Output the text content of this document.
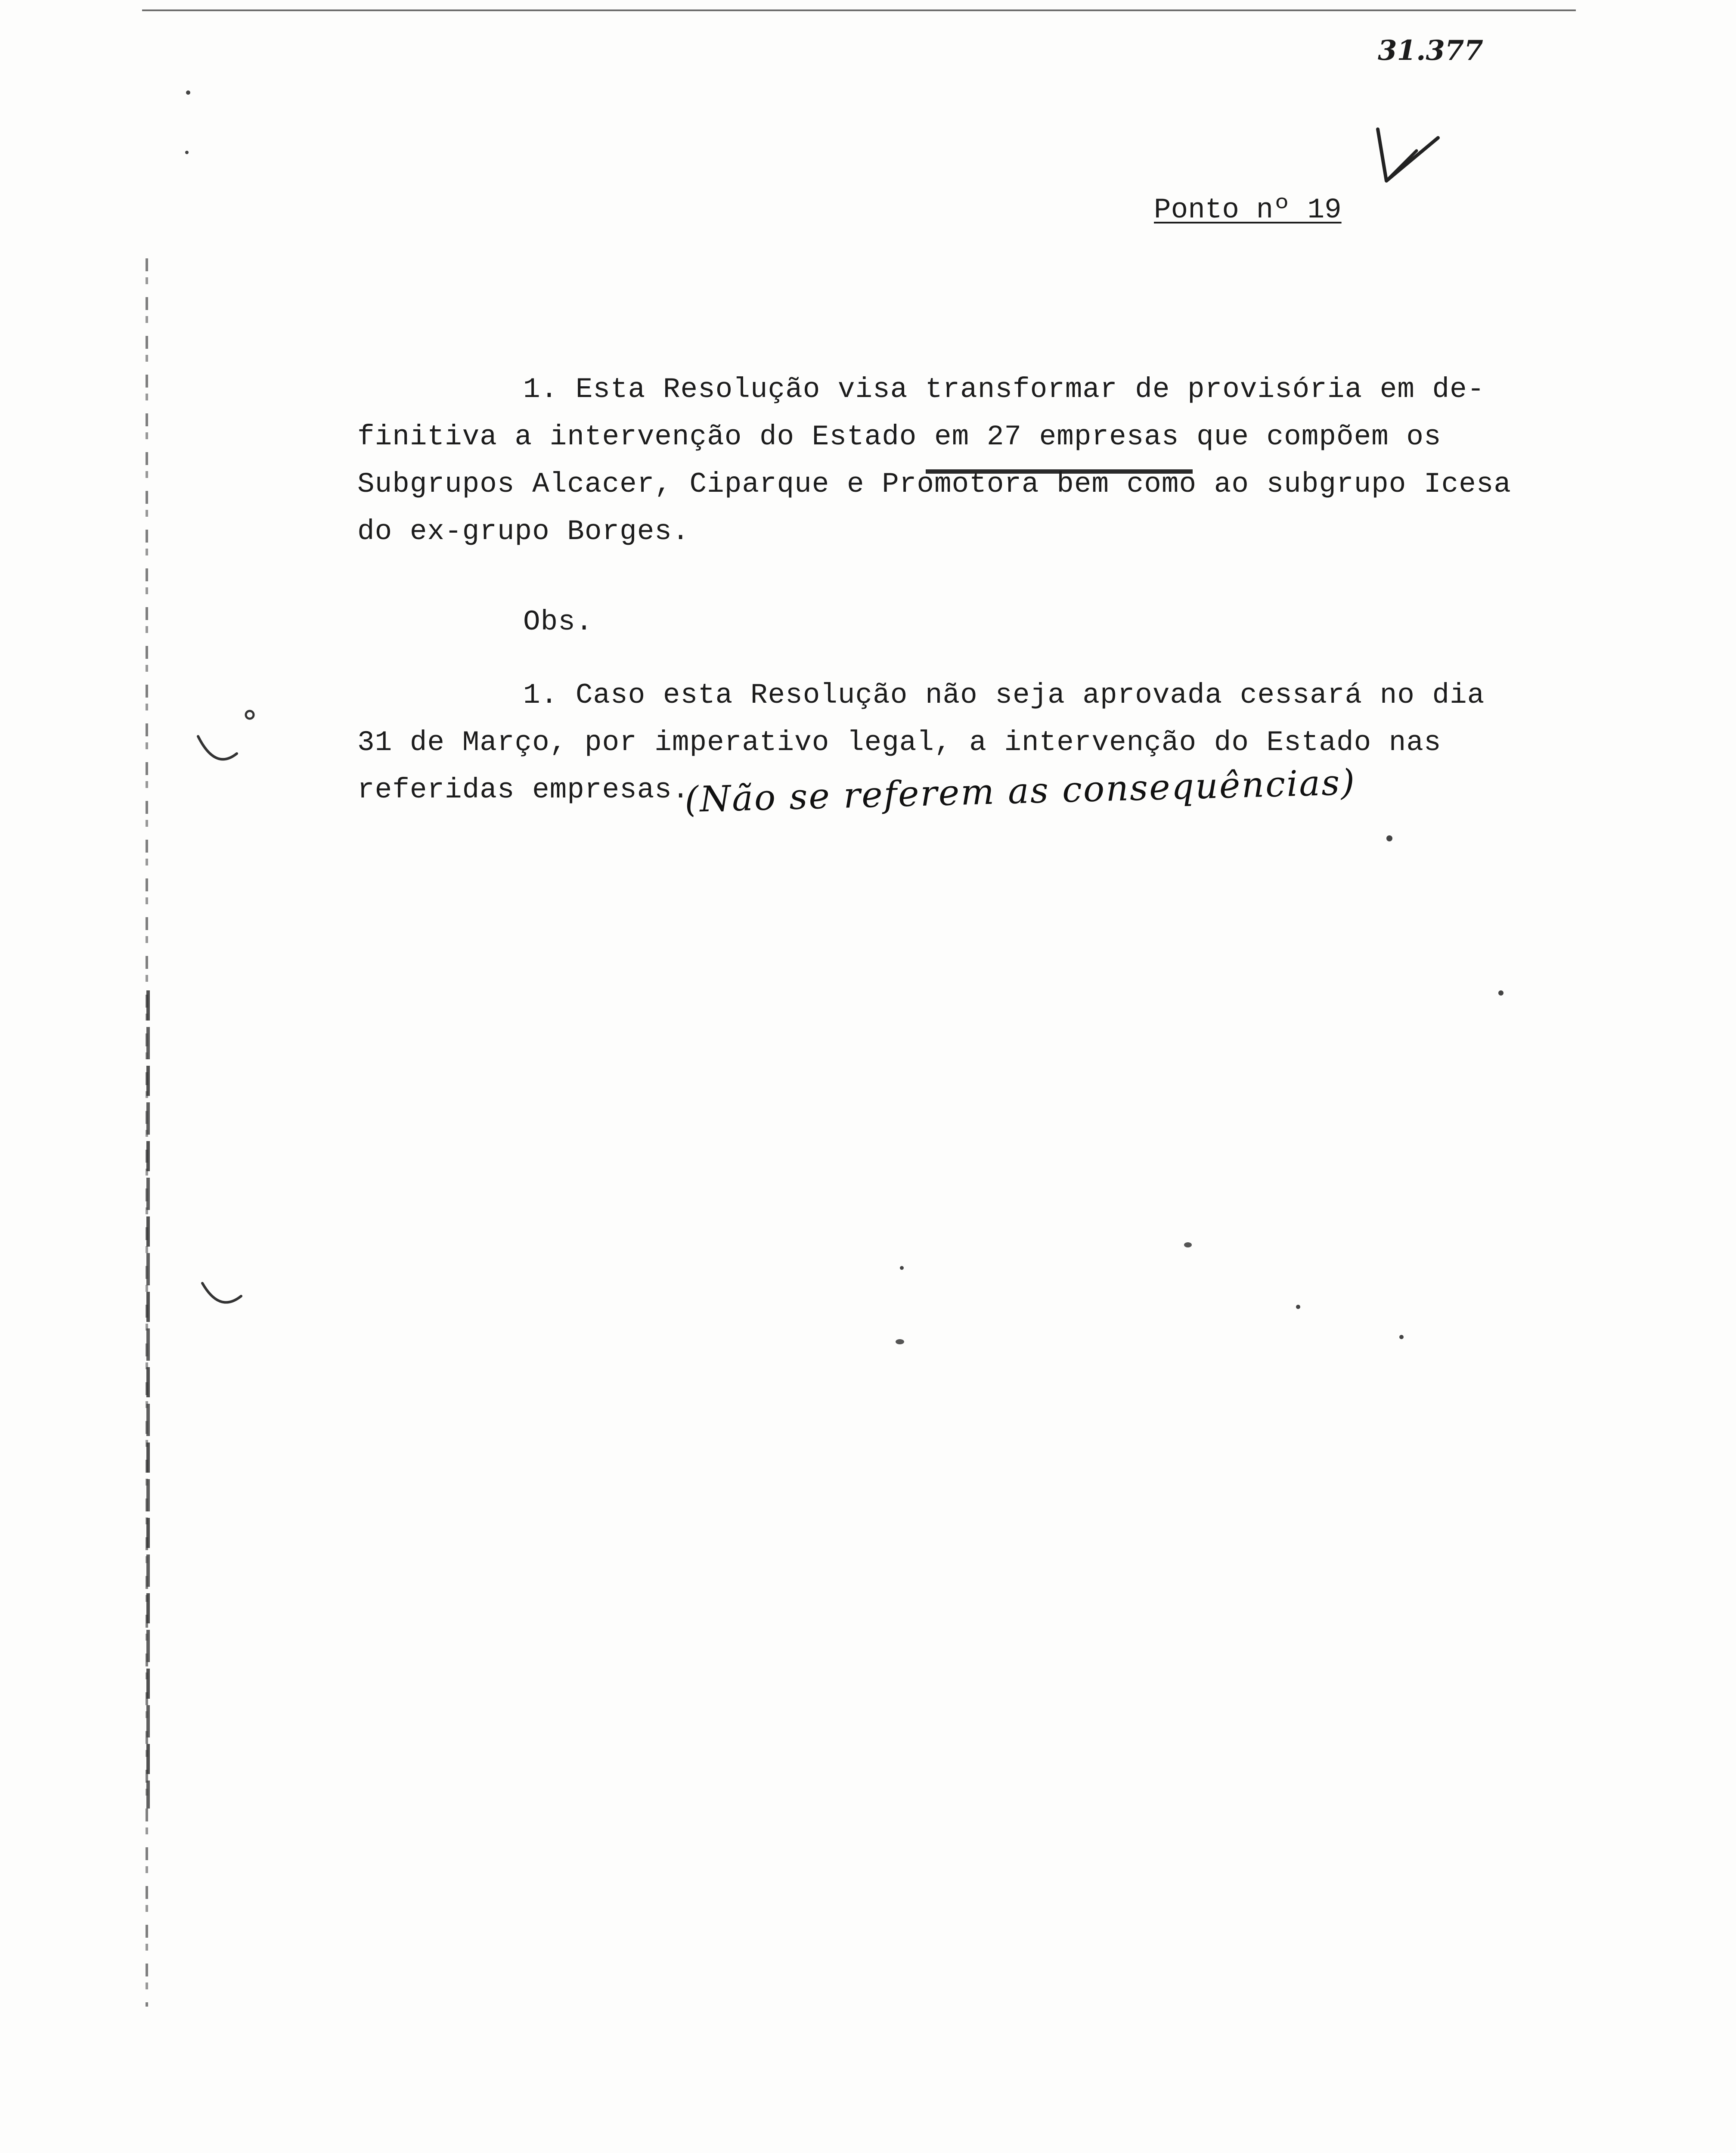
31.377
Ponto nº 19
1. Esta Resolução visa transformar de provisória em de-
finitiva a intervenção do Estado em 27 empresas que compõem os
Subgrupos Alcacer, Ciparque e Promotora bem como ao subgrupo Icesa
do ex-grupo Borges.
Obs.
1. Caso esta Resolução não seja aprovada cessará no dia
31 de Março, por imperativo legal, a intervenção do Estado nas
referidas empresas.
(Não se referem as consequências)
